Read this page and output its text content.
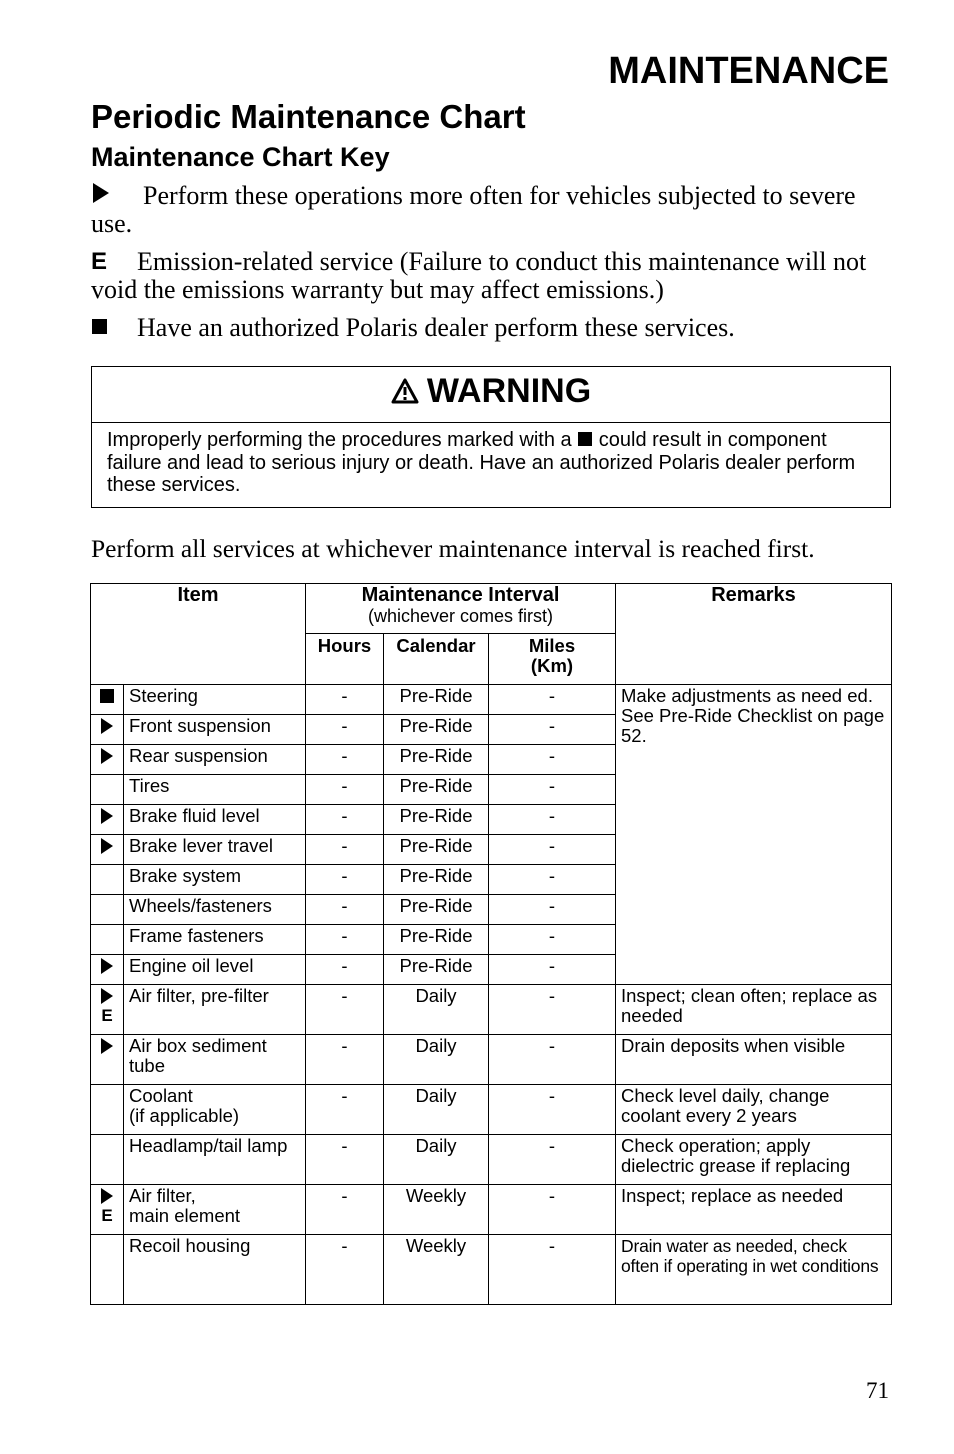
MAINTENANCE
Periodic Maintenance Chart
Maintenance Chart Key
Perform these operations more often for vehicles subjected to severe use.
E Emission-related service (Failure to conduct this maintenance will not void the emissions warranty but may affect emissions.)
Have an authorized Polaris dealer perform these services.
WARNING
Improperly performing the procedures marked with a could result in component failure and lead to serious injury or death. Have an authorized Polaris dealer perform these services.

Perform all services at whichever maintenance interval is reached first.

Item		Maintenance Interval
(whichever comes first)			Remarks
		Hours	Calendar	Miles
(Km)	
	Steering	-	Pre-Ride	-	Make adjustments as need ed. See Pre-Ride Checklist on page 52.
	Front suspension	-	Pre-Ride	-	
	Rear suspension	-	Pre-Ride	-	
	Tires	-	Pre-Ride	-	
	Brake fluid level	-	Pre-Ride	-	
	Brake lever travel	-	Pre-Ride	-	
	Brake system	-	Pre-Ride	-	
	Wheels/fasteners	-	Pre-Ride	-	
	Frame fasteners	-	Pre-Ride	-	
	Engine oil level	-	Pre-Ride	-	

E	Air filter, pre-filter	-	Daily	-	Inspect; clean often; replace as needed
	Air box sediment tube	-	Daily	-	Drain deposits when visible
	Coolant
(if applicable)	-	Daily	-	Check level daily, change coolant every 2 years
	Headlamp/tail lamp	-	Daily	-	Check operation; apply dielectric grease if replacing

E	Air filter,
main element	-	Weekly	-	Inspect; replace as needed
	Recoil housing	-	Weekly	-	Drain water as needed, check often if operating in wet conditions
71
